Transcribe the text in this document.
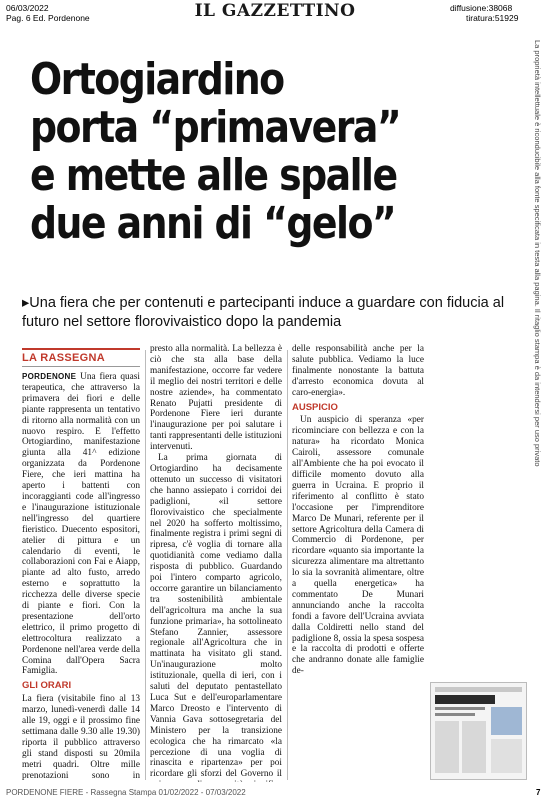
06/03/2022
Pag. 6 Ed. Pordenone	IL GAZZETTINO	diffusione:38068
tiratura:51929
La proprietà intellettuale è riconducibile alla fonte specificata in testa alla pagina. Il ritaglio stampa è da intendersi per uso privato
Ortogiardino
porta “primavera”
e mette alle spalle
due anni di “gelo”
▸Una fiera che per contenuti e partecipanti induce a guardare con fiducia al futuro nel settore florovivaistico dopo la pandemia
LA RASSEGNA

PORDENONE Una fiera quasi terapeutica, che attraverso la primavera dei fiori e delle piante rappresenta un tentativo di ritorno alla normalità con un nuovo respiro. E l'effetto Ortogiardino, manifestazione giunta alla 41^ edizione organizzata da Pordenone Fiere, che ieri mattina ha aperto i battenti con incoraggianti code all'ingresso e l'inaugurazione istituzionale nell'ingresso del quartiere fieristico. Duecento espositori, atelier di pittura e un calendario di eventi, le collaborazioni con Fai e Aiapp, piante ad alto fusto, arredo esterno e soprattutto la ricchezza delle diverse specie di piante e fiori. Con la presentazione dell'orto elettrico, il primo progetto di elettrocoltura realizzato a Pordenone nell'area verde della Comina dall'Opera Sacra Famiglia.

GLI ORARI

La fiera (visitabile fino al 13 marzo, lunedì-venerdì dalle 14 alle 19, oggi e il prossimo fine settimana dalle 9.30 alle 19.30) riporta il pubblico attraverso gli stand disposti su 20mila metri quadri. Oltre mille prenotazioni sono in

presto alla normalità. La bellezza è ciò che sta alla base della manifestazione, occorre far vedere il meglio dei nostri territori e delle nostre aziende», ha commentato Renato Pujatti presidente di Pordenone Fiere ieri durante l'inaugurazione per poi salutare i tanti rappresentanti delle istituzioni intervenuti.

La prima giornata di Ortogiardino ha decisamente ottenuto un successo di visitatori che hanno assiepato i corridoi dei padiglioni, «il settore florovivaistico che specialmente nel 2020 ha sofferto moltissimo, finalmente registra i primi segni di ripresa, c'è voglia di tornare alla quotidianità come vediamo dalla risposta di pubblico. Guardando poi l'intero comparto agricolo, occorre garantire un bilanciamento tra sostenibilità ambientale dell'agricoltura ma anche la sua funzione primaria», ha sottolineato Stefano Zannier, assessore regionale all'Agricoltura che in mattinata ha visitato gli stand. Un'inaugurazione molto istituzionale, quella di ieri, con i saluti del deputato pentastellato Luca Sut e dell'europarlamentare Marco Dreosto e l'intervento di Vannia Gava sottosegretaria del Ministero per la transizione ecologica che ha rimarcato «la percezione di una voglia di rinascita e ripartenza» per poi ricordare gli sforzi del Governo il

delle responsabilità anche per la salute pubblica. Vediamo la luce finalmente nonostante la battuta d'arresto economica dovuta al caro-energia».

AUSPICIO

Un auspicio di speranza «per ricominciare con bellezza e con la natura» ha ricordato Monica Cairoli, assessore comunale all'Ambiente che ha poi evocato il difficile momento dovuto alla guerra in Ucraina. E proprio il riferimento al conflitto è stato l'occasione per l'imprenditore Marco De Munari, referente per il settore Agricoltura della Camera di Commercio di Pordenone, per ricordare «quanto sia importante la sicurezza alimentare ma altrettanto lo sia la sovranità alimentare, oltre a quella energetica» ha commentato De Munari annunciando anche la raccolta fondi a favore dell'Ucraina avviata dalla Coldiretti nello stand del padiglione 8, ossia la spesa sospesa e la raccolta di prodotti e offerte che andranno donate alle famiglie de-

PORDENONE FIERE - Rassegna Stampa 01/02/2022 - 07/03/2022	7
